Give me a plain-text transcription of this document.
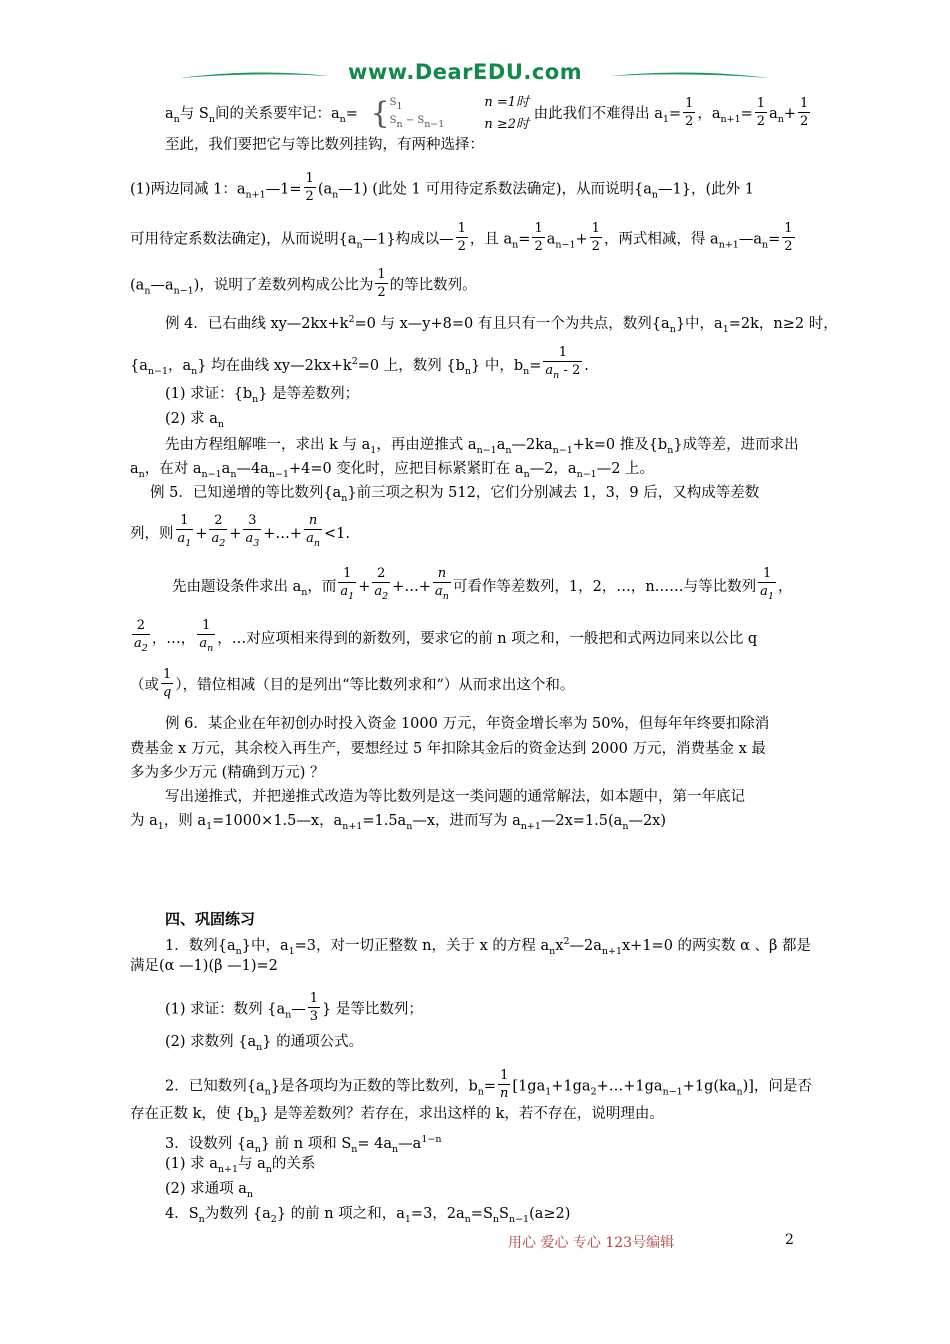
www.DearEDU.com
$a_n$与 $S_n$间的关系要牢记：$a_n= \{S1$
Sn − Sn−1n =1时
n ≥2时 由此我们不难得出 $a_1= \frac{1}{2}$ ，$a_{n+1}= \frac{1}{2} a_n+ \frac{1}{2}$
至此，我们要把它与等比数列挂钩，有两种选择：
(1)两边同减 1：$a_{n+1}—1= \frac{1}{2}$ $(a_n—1)$ (此处 1 可用待定系数法确定)，从而说明$\{a_n—1\}$，(此外 1
可用待定系数法确定)，从而说明$\{a_n—1\}$构成以— $\frac{1}{2}$ ，且 $a_n= \frac{1}{2} a_{n-1}+ \frac{1}{2}$ ，两式相减，得 $a_{n+1}—a_n= \frac{1}{2}$
$(a_n—a_{n-1})$，说明了差数列构成公比为 $\frac{1}{2}$ 的等比数列。
例 4．已右曲线 $xy—2kx+k^2=0$ 与 x—y+8=0 有且只有一个为共点，数列$\{a_n\}$中，$a_1=2k$，n≥2 时，
{$a_{n-1}$，$a_n$} 均在曲线 $xy—2kx+k^2=0$ 上，数列 $\{b_n\}$ 中，$b_n= \frac{1}{a_n - 2}$ .
(1) 求证：$\{b_n\}$ 是等差数列；
(2) 求 $a_n$
先由方程组解唯一，求出 k 与 $a_1$，再由逆推式 $a_{n-1}a_n—2ka_{n-1}+k=0$ 推及$\{b_n\}$成等差，进而求出
$a_n$，在对 $a_{n-1}a_n—4a_{n-1}+4=0$ 变化时，应把目标紧紧盯在 $a_n—2$，$a_{n-1}—2$ 上。
例 5．已知递增的等比数列$\{a_n\}$前三项之积为 512，它们分别减去 1，3，9 后，又构成等差数
列，则 $\frac{1}{a_1} + \frac{2}{a_2} + \frac{3}{a_3}$ +…+ $\frac{n}{a_n} <1$.
先由题设条件求出 $a_n$，而 $\frac{1}{a_1} + \frac{2}{a_2}$ +…+ $\frac{n}{a_n}$ 可看作等差数列，1，2，…，n……与等比数列 $\frac{1}{a_1}$ ，
$\frac{2}{a_2}$ ，…， $\frac{1}{a_n}$ ，…对应项相来得到的新数列，要求它的前 n 项之和，一般把和式两边同来以公比 q
（或 $\frac{1}{q}$ ），错位相减（目的是列出“等比数列求和”）从而求出这个和。
例 6．某企业在年初创办时投入资金 1000 万元，年资金增长率为 50%，但每年年终要扣除消
费基金 x 万元，其余校入再生产，要想经过 5 年扣除其金后的资金达到 2000 万元，消费基金 x 最
多为多少万元 (精确到万元) ？
写出递推式，并把递推式改造为等比数列是这一类问题的通常解法，如本题中，第一年底记
为 $a_1$，则 $a_1=1000\times 1.5—x$，$a_{n+1}=1.5a_n—x$，进而写为 $a_{n+1}—2x=1.5(a_n—2x)$
四、巩固练习
1．数列$\{a_n\}$中，$a_1=3$，对一切正整数 n，关于 x 的方程 $a_nx^2—2a_{n+1}x+1=0$ 的两实数 α 、β 都是
满足(α —1)(β —1)=2
(1) 求证：数列 {$a_n— \frac{1}{3}$ } 是等比数列；
(2) 求数列 $\{a_n\}$ 的通项公式。
2．已知数列$\{a_n\}$是各项均为正数的等比数列，$b_n= \frac{1}{n}$ $[1ga_1+1ga_2+\dots+1ga_{n-1}+1g(ka_n)]$，问是否
存在正数 k，使 $\{b_n\}$ 是等差数列？若存在，求出这样的 k，若不存在，说明理由。
3．设数列 $\{a_n\}$ 前 n 项和 $S_n=$ $4a_n—a^{1-n}$
(1) 求 $a_{n+1}$与 $a_n$的关系
(2) 求通项 $a_n$
4．$S_n$为数列 $\{a_2\}$ 的前 n 项之和，$a_1=3$，$2a_n=S_nS_{n-1}(a\ge 2)$
用心 爱心 专心 123号编辑	2
